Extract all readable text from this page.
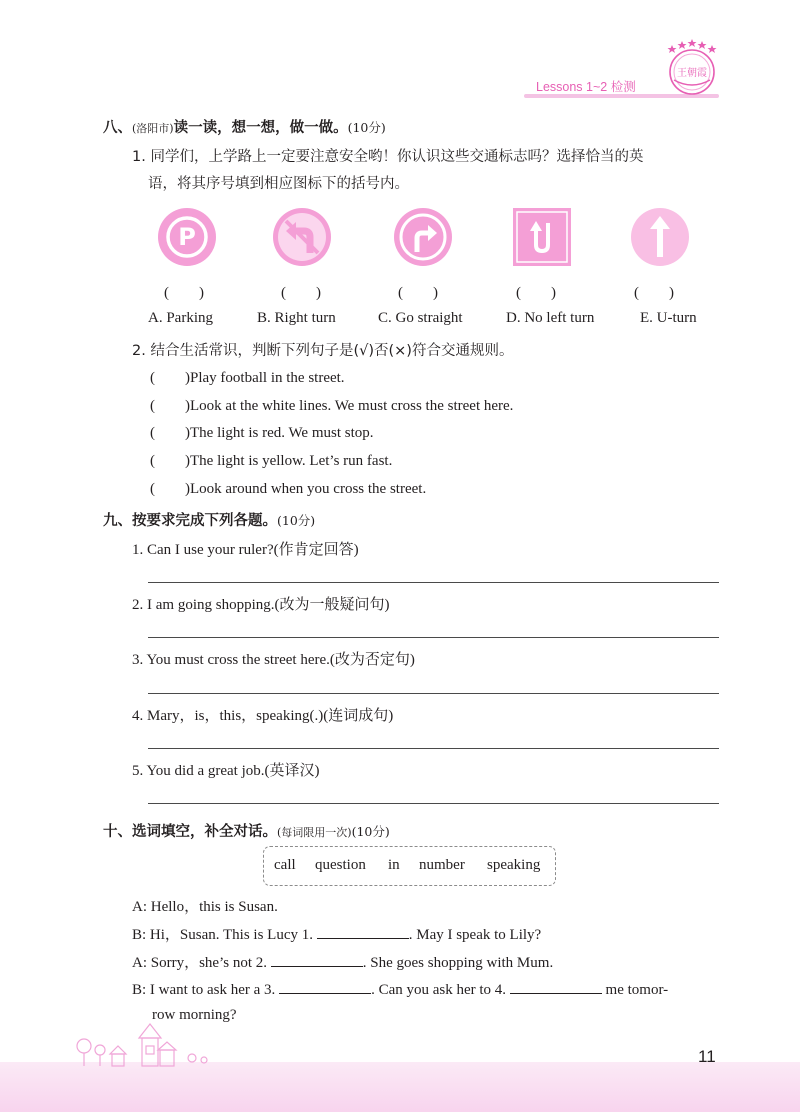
Lessons 1~2 检测
王朝霞
八、(洛阳市)读一读，想一想，做一做。(10分)
1. 同学们，上学路上一定要注意安全哟！你认识这些交通标志吗？选择恰当的英
语，将其序号填到相应图标下的括号内。
P
(　　)	(　　)	(　　)	(　　)	(　　)
A. Parking	B. Right turn	C. Go straight	D. No left turn	E. U-turn
2. 结合生活常识，判断下列句子是(√)否(×)符合交通规则。
(　　)Play football in the street.
(　　)Look at the white lines. We must cross the street here.
(　　)The light is red. We must stop.
(　　)The light is yellow. Let’s run fast.
(　　)Look around when you cross the street.
九、按要求完成下列各题。(10分)
1. Can I use your ruler?(作肯定回答)
2. I am going shopping.(改为一般疑问句)
3. You must cross the street here.(改为否定句)
4. Mary，is，this，speaking(.)(连词成句)
5. You did a great job.(英译汉)
十、选词填空，补全对话。(每词限用一次)(10分)
call question in number speaking
A: Hello，this is Susan.
B: Hi，Susan. This is Lucy 1.	. May I speak to Lily?
A: Sorry，she’s not 2.	. She goes shopping with Mum.
B: I want to ask her a 3.	. Can you ask her to 4.	me tomor-
row morning?
11
